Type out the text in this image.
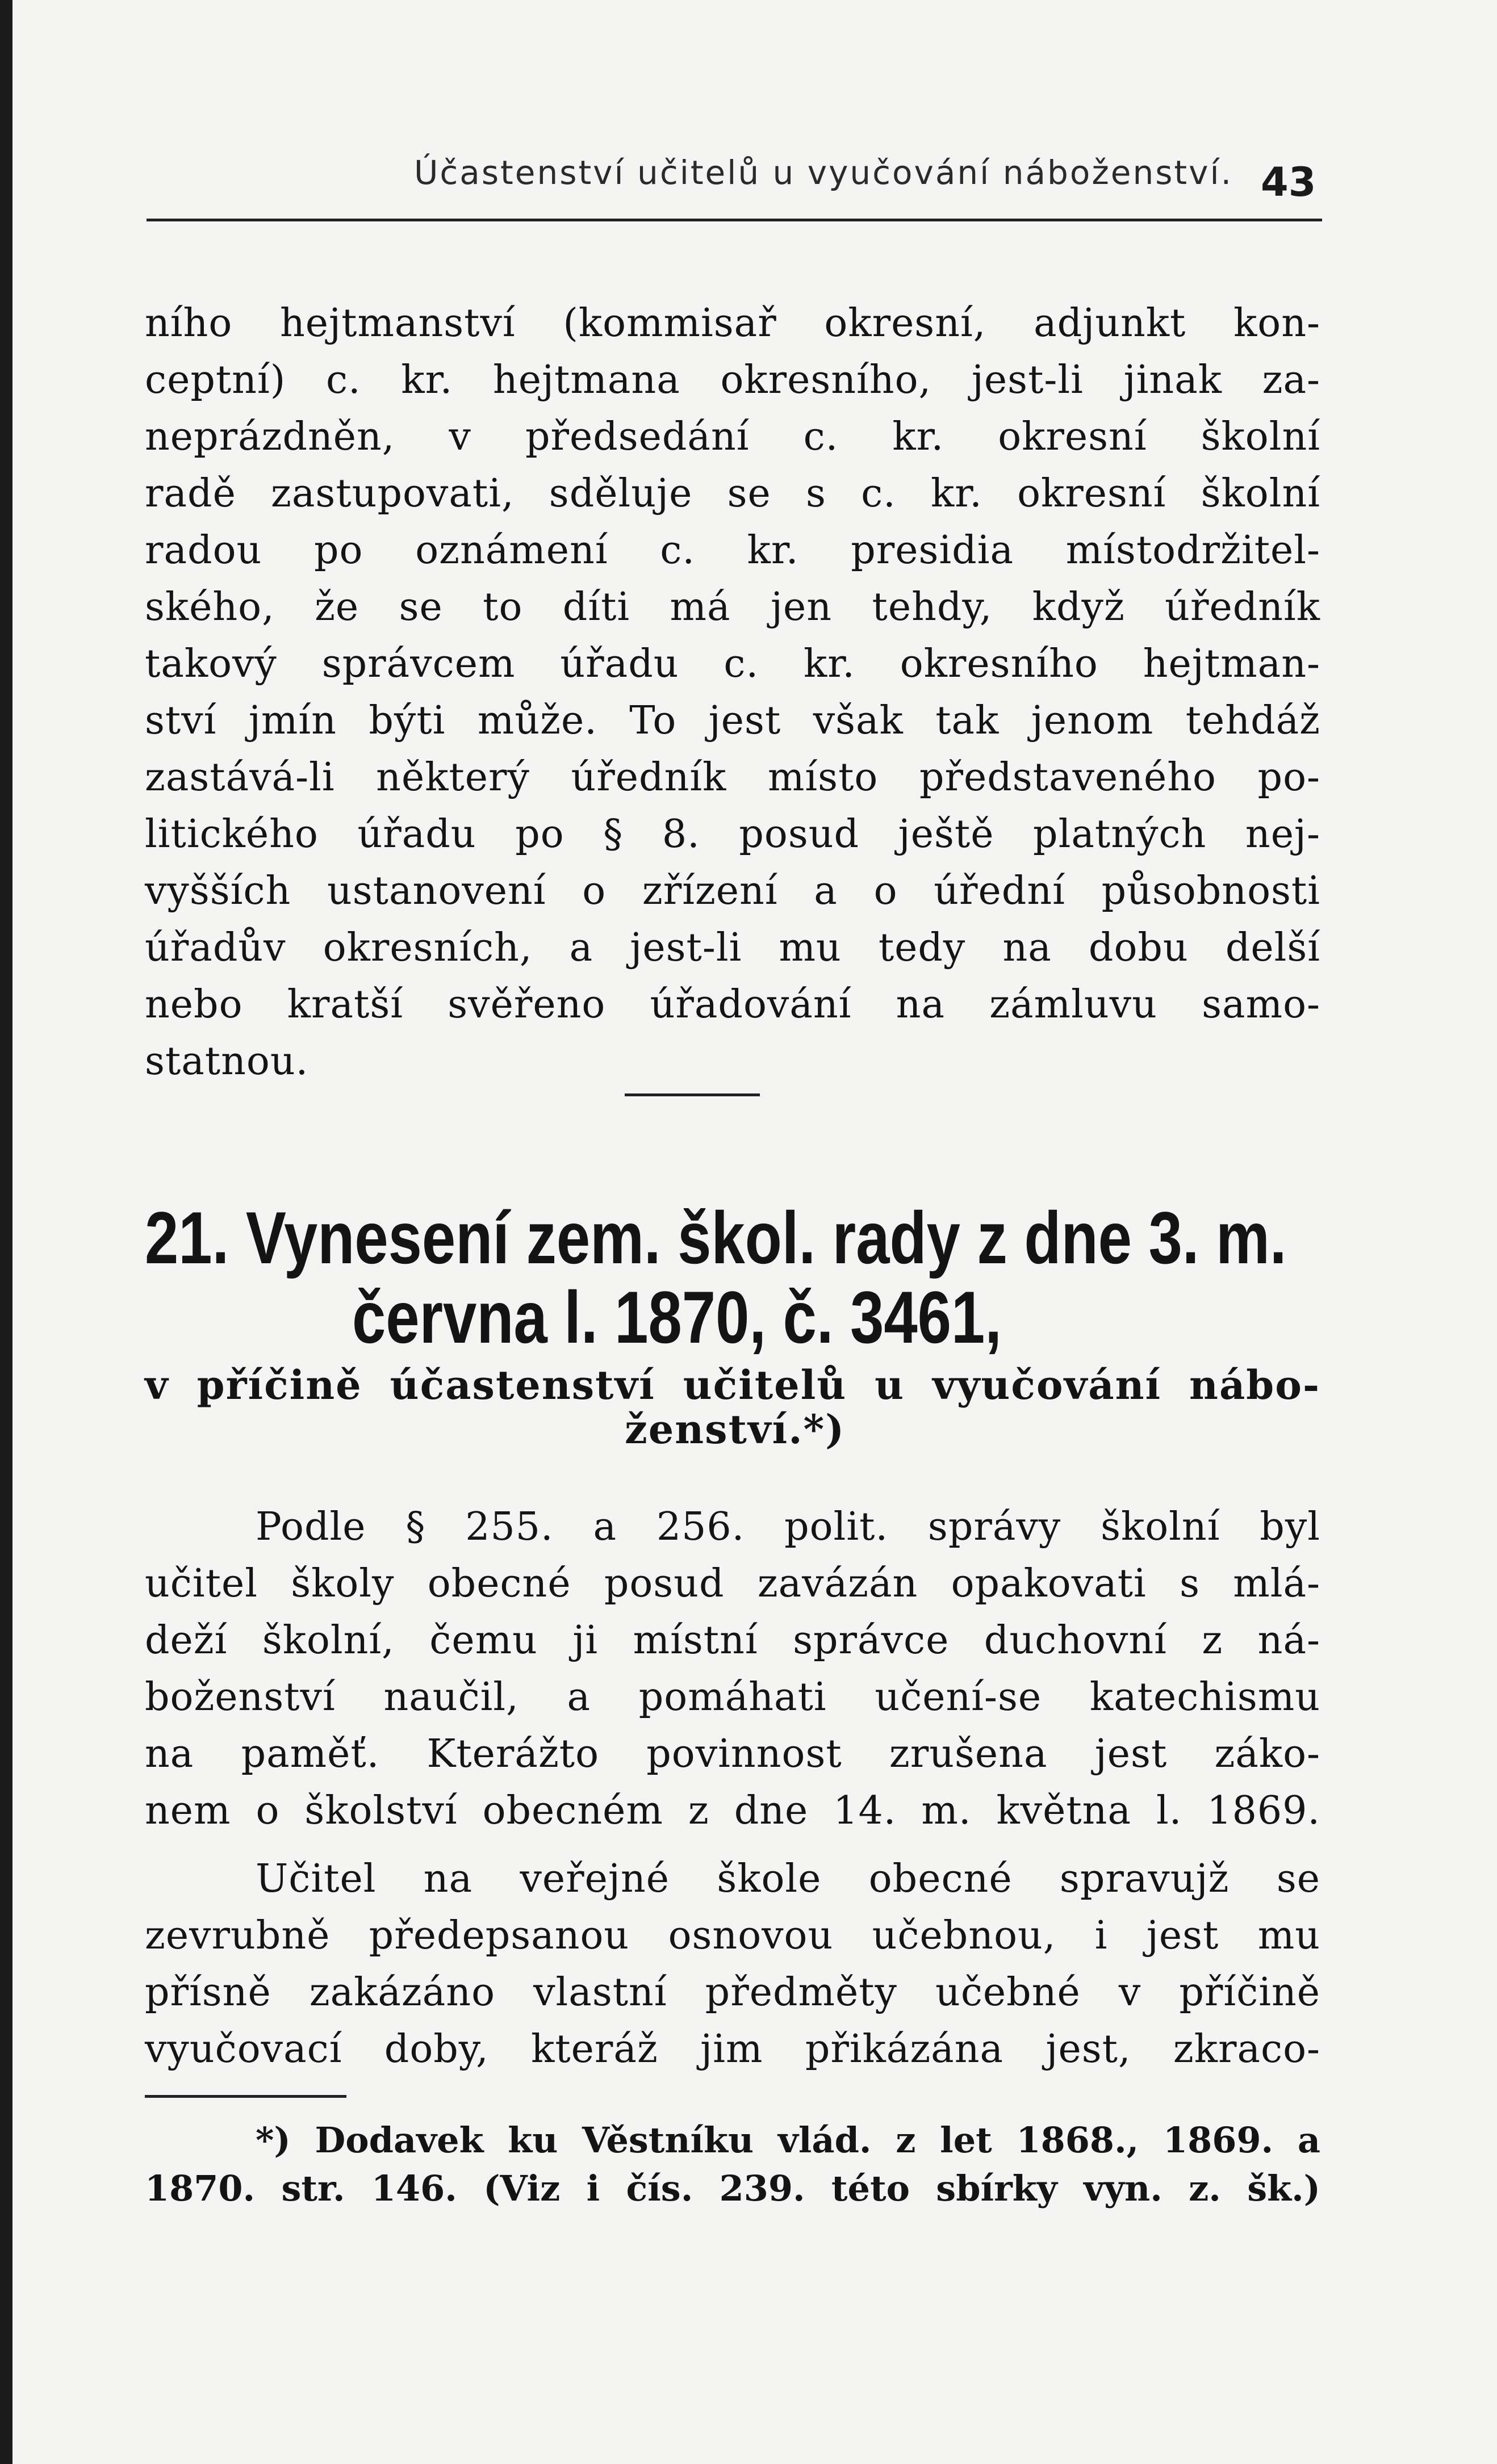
Účastenství učitelů u vyučování náboženství. 43
ního hejtmanství (kommisař okresní, adjunkt kon-
ceptní) c. kr. hejtmana okresního, jest-li jinak za-
neprázdněn, v předsedání c. kr. okresní školní
radě zastupovati, sděluje se s c. kr. okresní školní
radou po oznámení c. kr. presidia místodržitel-
ského, že se to díti má jen tehdy, když úředník
takový správcem úřadu c. kr. okresního hejtman-
ství jmín býti může. To jest však tak jenom tehdáž
zastává-li některý úředník místo představeného po-
litického úřadu po § 8. posud ještě platných nej-
vyšších ustanovení o zřízení a o úřední působnosti
úřadův okresních, a jest-li mu tedy na dobu delší
nebo kratší svěřeno úřadování na zámluvu samo-
statnou.
21. Vynesení zem. škol. rady z dne 3. m.
června l. 1870, č. 3461,
v příčině účastenství učitelů u vyučování nábo-
ženství.*)
Podle § 255. a 256. polit. správy školní byl
učitel školy obecné posud zavázán opakovati s mlá-
deží školní, čemu ji místní správce duchovní z ná-
boženství naučil, a pomáhati učení-se katechismu
na paměť. Kterážto povinnost zrušena jest záko-
nem o školství obecném z dne 14. m. května l. 1869.
Učitel na veřejné škole obecné spravujž se
zevrubně předepsanou osnovou učebnou, i jest mu
přísně zakázáno vlastní předměty učebné v příčině
vyučovací doby, kteráž jim přikázána jest, zkraco-
*) Dodavek ku Věstníku vlád. z let 1868., 1869. a
1870. str. 146. (Viz i čís. 239. této sbírky vyn. z. šk.)
